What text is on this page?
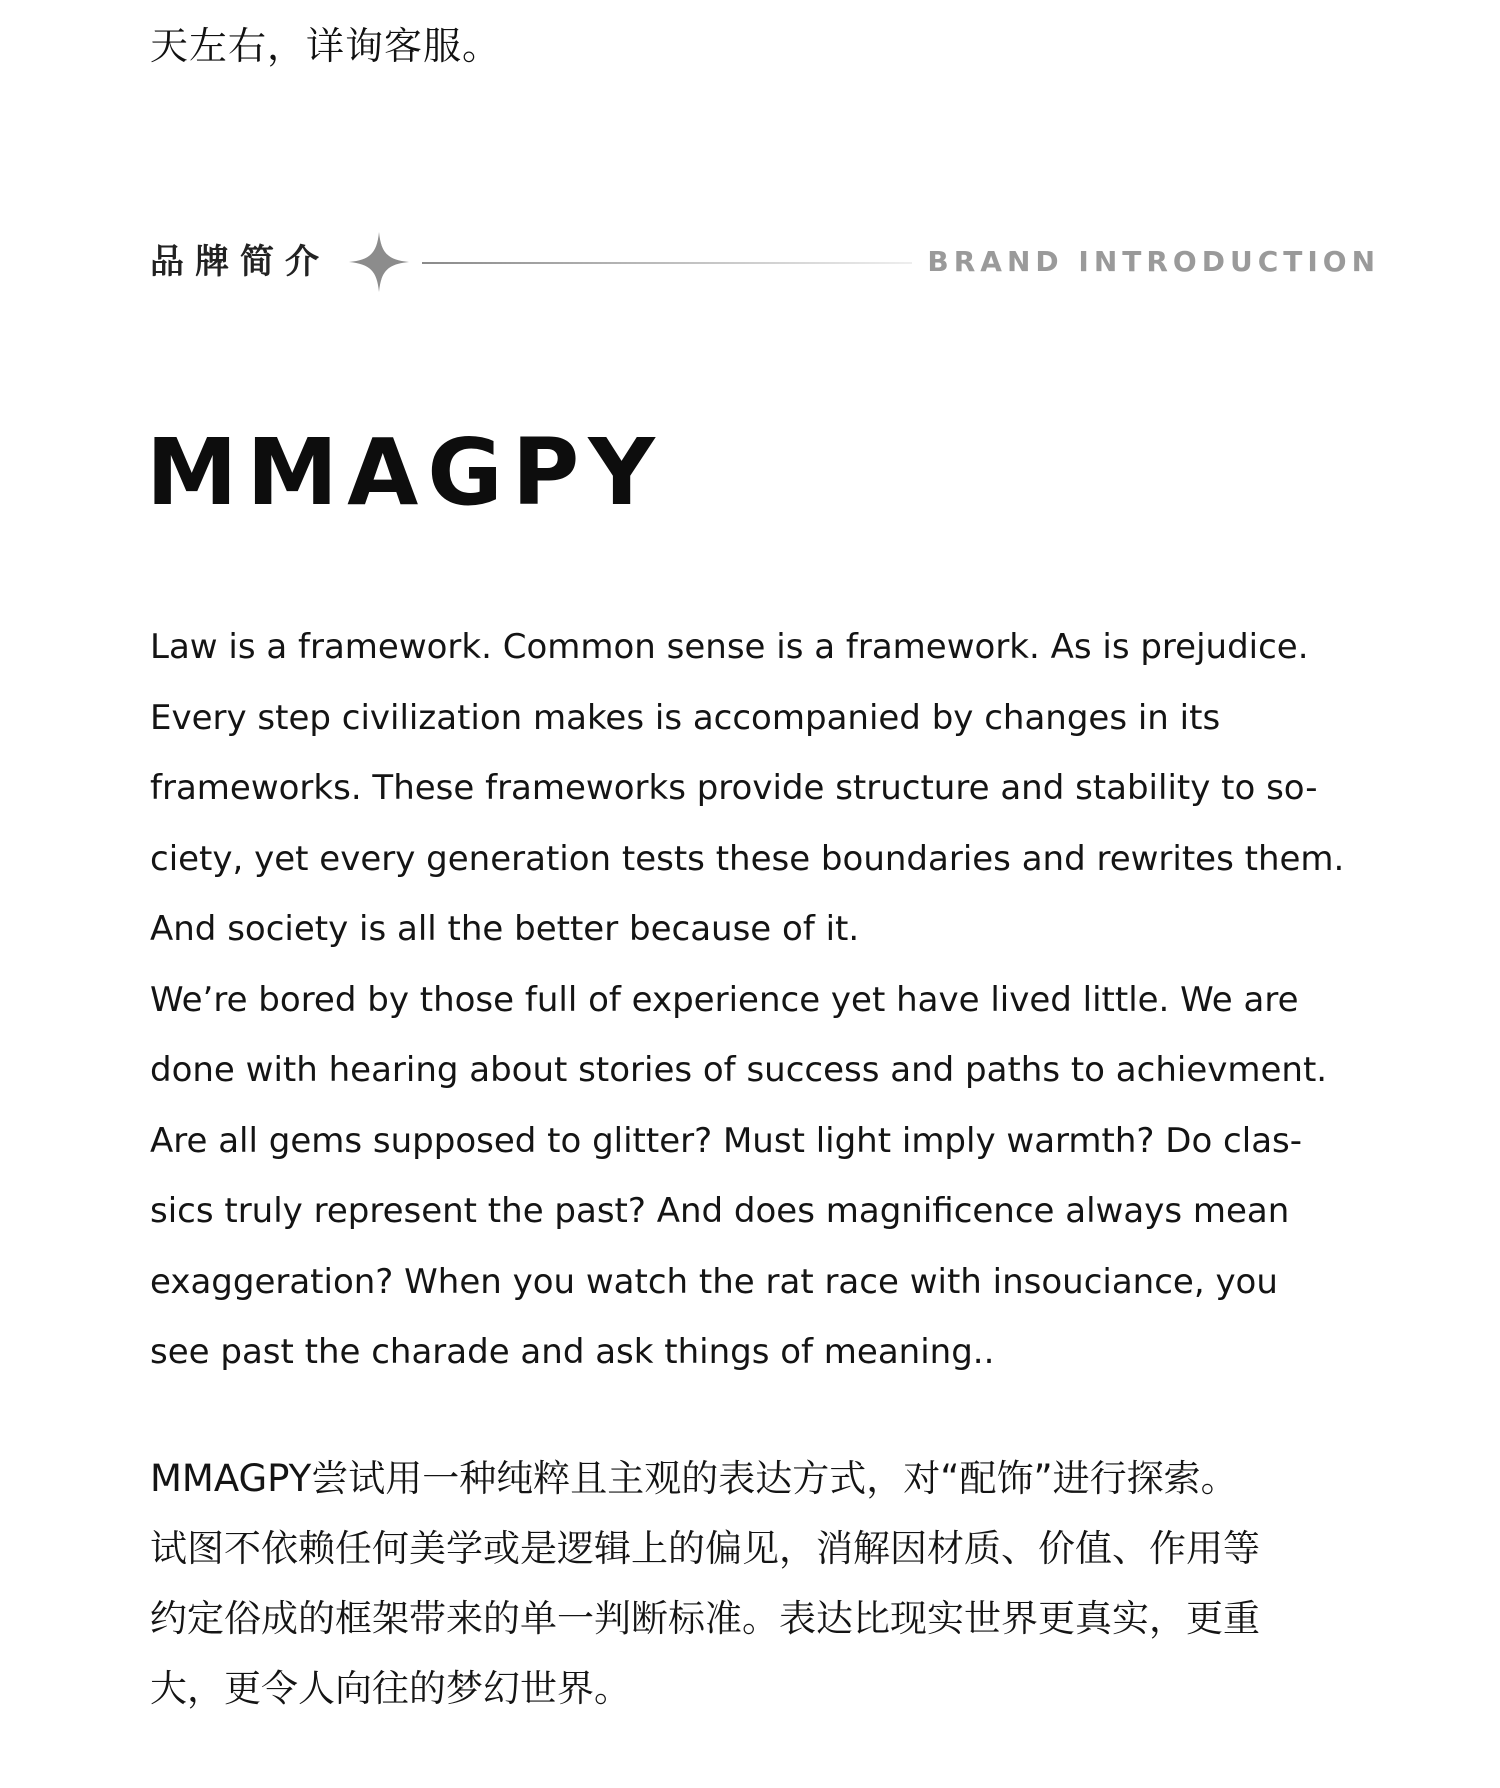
天左右，详询客服。
品牌简介	BRAND INTRODUCTION
MMAGPY
Law is a framework. Common sense is a framework. As is prejudice.
Every step civilization makes is accompanied by changes in its
frameworks. These frameworks provide structure and stability to so-
ciety, yet every generation tests these boundaries and rewrites them.
And society is all the better because of it.
We’re bored by those full of experience yet have lived little. We are
done with hearing about stories of success and paths to achievment.
Are all gems supposed to glitter? Must light imply warmth? Do clas-
sics truly represent the past? And does magnificence always mean
exaggeration? When you watch the rat race with insouciance, you
see past the charade and ask things of meaning..
MMAGPY尝试用一种纯粹且主观的表达方式，对“配饰”进行探索。
试图不依赖任何美学或是逻辑上的偏见，消解因材质、价值、作用等
约定俗成的框架带来的单一判断标准。表达比现实世界更真实，更重
大，更令人向往的梦幻世界。
